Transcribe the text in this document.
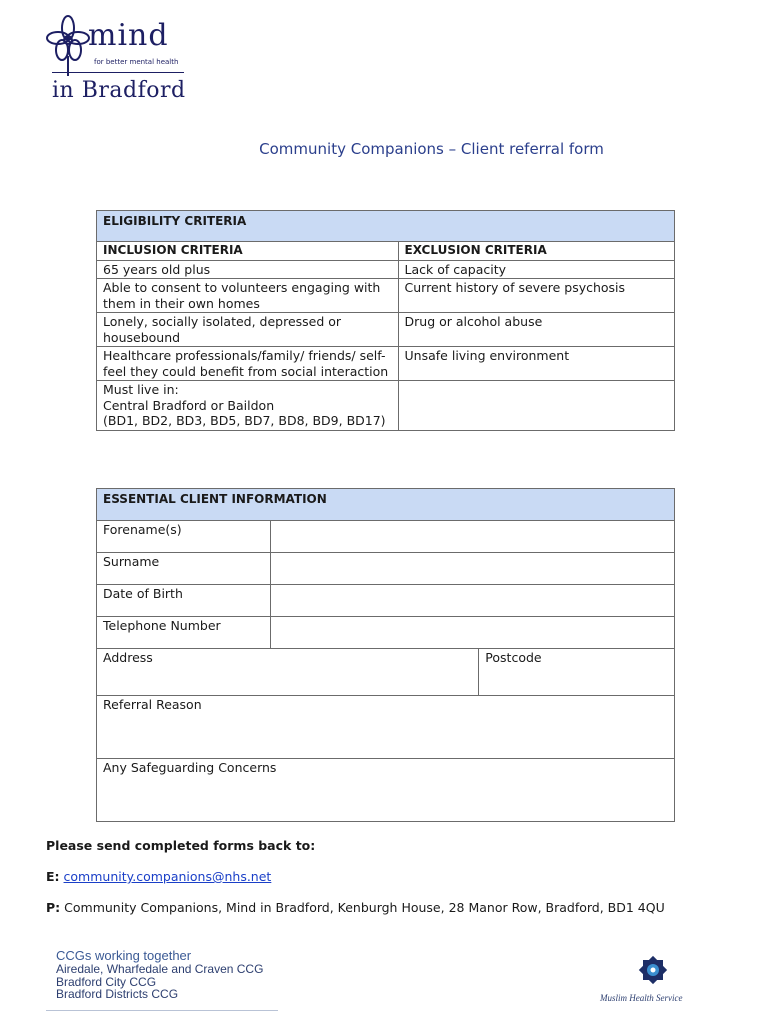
mind
for better mental health
in Bradford
Community Companions – Client referral form
ELIGIBILITY CRITERIA	
INCLUSION CRITERIA	EXCLUSION CRITERIA
65 years old plus	Lack of capacity
Able to consent to volunteers engaging with them in their own homes	Current history of severe psychosis
Lonely, socially isolated, depressed or housebound	Drug or alcohol abuse
Healthcare professionals/family/ friends/ self-feel they could benefit from social interaction	Unsafe living environment

Must live in:
Central Bradford or Baildon
(BD1, BD2, BD3, BD5, BD7, BD8, BD9, BD17)	

ESSENTIAL CLIENT INFORMATION		
Forename(s)		
Surname		
Date of Birth		
Telephone Number		

Address		Postcode

Referral Reason		

Any Safeguarding Concerns		
Please send completed forms back to:
E: community.companions@nhs.net
P: Community Companions, Mind in Bradford, Kenburgh House, 28 Manor Row, Bradford, BD1 4QU
CCGs working together
Airedale, Wharfedale and Craven CCG
Bradford City CCG
Bradford Districts CCG	Muslim Health Service
